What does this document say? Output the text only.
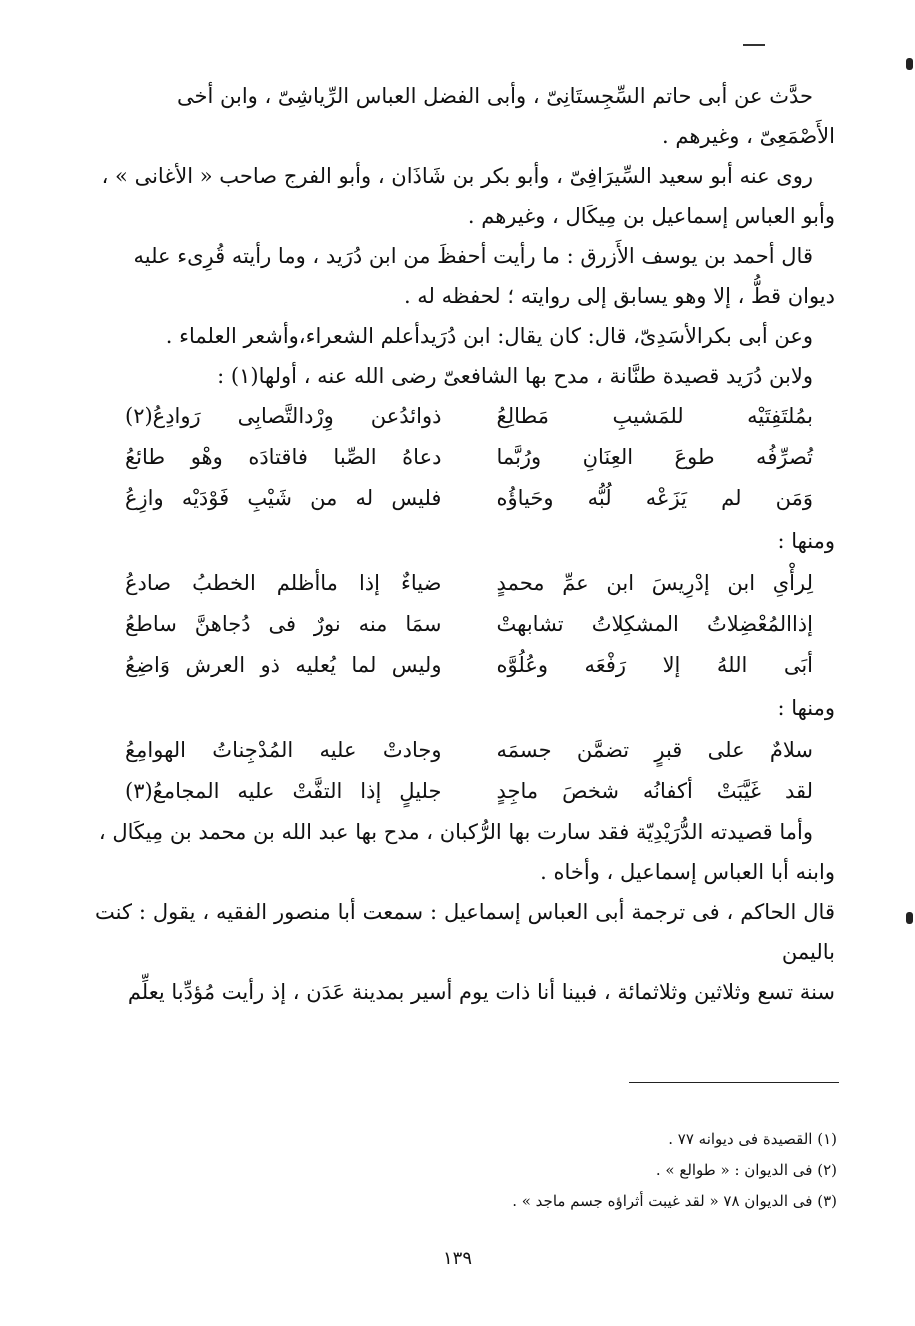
حدَّث عن أبى حاتم السِّجِستَانِىّ ، وأبى الفضل العباس الرِّياشِىّ ، وابن أخى
الأَصْمَعِىّ ، وغيرهم .
روى عنه أبو سعيد السِّيرَافِىّ ، وأبو بكر بن شَاذَان ، وأبو الفرج صاحب « الأغانى » ،
وأبو العباس إسماعيل بن مِيكَال ، وغيرهم .
قال أحمد بن يوسف الأَزرق : ما رأيت أحفظَ من ابن دُرَيد ، وما رأيته قُرِىء عليه
ديوان قطُّ ، إلا وهو يسابق إلى روايته ؛ لحفظه له .
وعن أبى بكرالأسَدِىّ، قال: كان يقال: ابن دُرَيدأعلم الشعراء،وأشعر العلماء .
ولابن دُرَيد قصيدة طنَّانة ، مدح بها الشافعىّ رضى الله عنه ، أولها(١) :
بمُلتَفِتَيْه للمَشيبِ مَطالِعُ
ذوائدُعن وِرْدالتَّصابِى رَوادِعُ(٢)
تُصرِّفُه طوعَ العِنَانِ ورُبَّما
دعاهُ الصِّبا فاقتادَه وهْو طائعُ
وَمَن لم يَزَعْه لُبُّه وحَياؤُه
فليس له من شَيْبِ فَوْدَيْه وازِعُ
ومنها :
لِرأْىِ ابن إدْرِيسَ ابن عمِّ محمدٍ
ضياءٌ إذا ماأظلم الخطبُ صادعُ
إذاالمُعْضِلاتُ المشكِلاتُ تشابهتْ
سمَا منه نورٌ فى دُجاهنَّ ساطعُ
أبَى اللهُ إلا رَفْعَه وعُلُوَّه
وليس لما يُعليه ذو العرش وَاضِعُ
ومنها :
سلامٌ على قبرٍ تضمَّن جسمَه
وجادتْ عليه المُدْجِناتُ الهوامِعُ
لقد غَيَّبَتْ أكفانُه شخصَ ماجِدٍ
جليلٍ إذا التفَّتْ عليه المجامعُ(٣)
وأما قصيدته الدُّرَيْدِيّة فقد سارت بها الرُّكبان ، مدح بها عبد الله بن محمد بن مِيكَال ،
وابنه أبا العباس إسماعيل ، وأخاه .
قال الحاكم ، فى ترجمة أبى العباس إسماعيل : سمعت أبا منصور الفقيه ، يقول : كنت باليمن
سنة تسع وثلاثين وثلاثمائة ، فبينا أنا ذات يوم أسير بمدينة عَدَن ، إذ رأيت مُؤدِّبا يعلِّم
(١) القصيدة فى ديوانه ٧٧ .
(٢) فى الديوان : « طوالع » .
(٣) فى الديوان ٧٨ « لقد غيبت أثراؤه جسم ماجد » .
١٣٩
